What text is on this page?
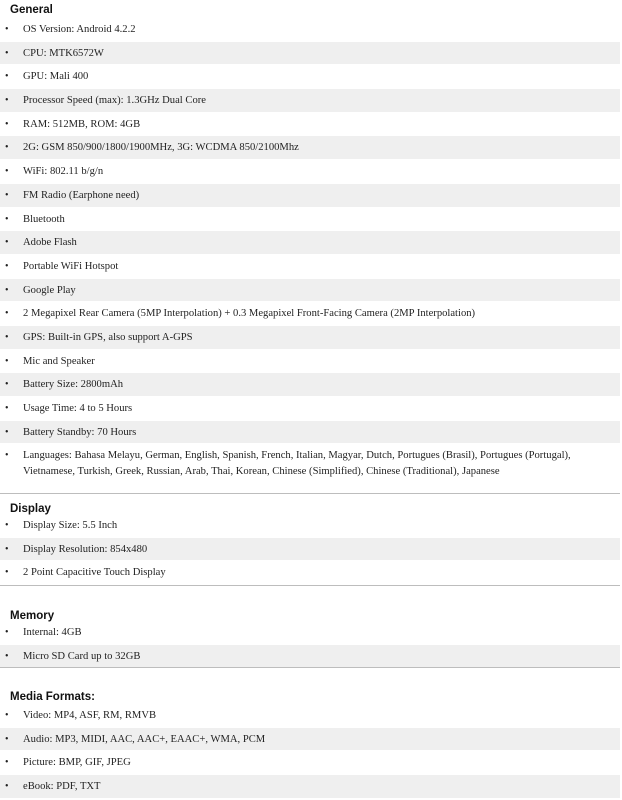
General
• OS Version: Android 4.2.2
• CPU: MTK6572W
• GPU: Mali 400
• Processor Speed (max): 1.3GHz Dual Core
• RAM: 512MB, ROM: 4GB
• 2G: GSM 850/900/1800/1900MHz, 3G: WCDMA 850/2100Mhz
• WiFi: 802.11 b/g/n
• FM Radio (Earphone need)
• Bluetooth
• Adobe Flash
• Portable WiFi Hotspot
• Google Play
• 2 Megapixel Rear Camera (5MP Interpolation) + 0.3 Megapixel Front-Facing Camera (2MP Interpolation)
• GPS: Built-in GPS, also support A-GPS
• Mic and Speaker
• Battery Size: 2800mAh
• Usage Time: 4 to 5 Hours
• Battery Standby: 70 Hours
• Languages: Bahasa Melayu, German, English, Spanish, French, Italian, Magyar, Dutch, Portugues (Brasil), Portugues (Portugal), Vietnamese, Turkish, Greek, Russian, Arab, Thai, Korean, Chinese (Simplified), Chinese (Traditional), Japanese
Display
• Display Size: 5.5 Inch
• Display Resolution: 854x480
• 2 Point Capacitive Touch Display
Memory
• Internal: 4GB
• Micro SD Card up to 32GB
Media Formats:
• Video: MP4, ASF, RM, RMVB
• Audio: MP3, MIDI, AAC, AAC+, EAAC+, WMA, PCM
• Picture: BMP, GIF, JPEG
• eBook: PDF, TXT
